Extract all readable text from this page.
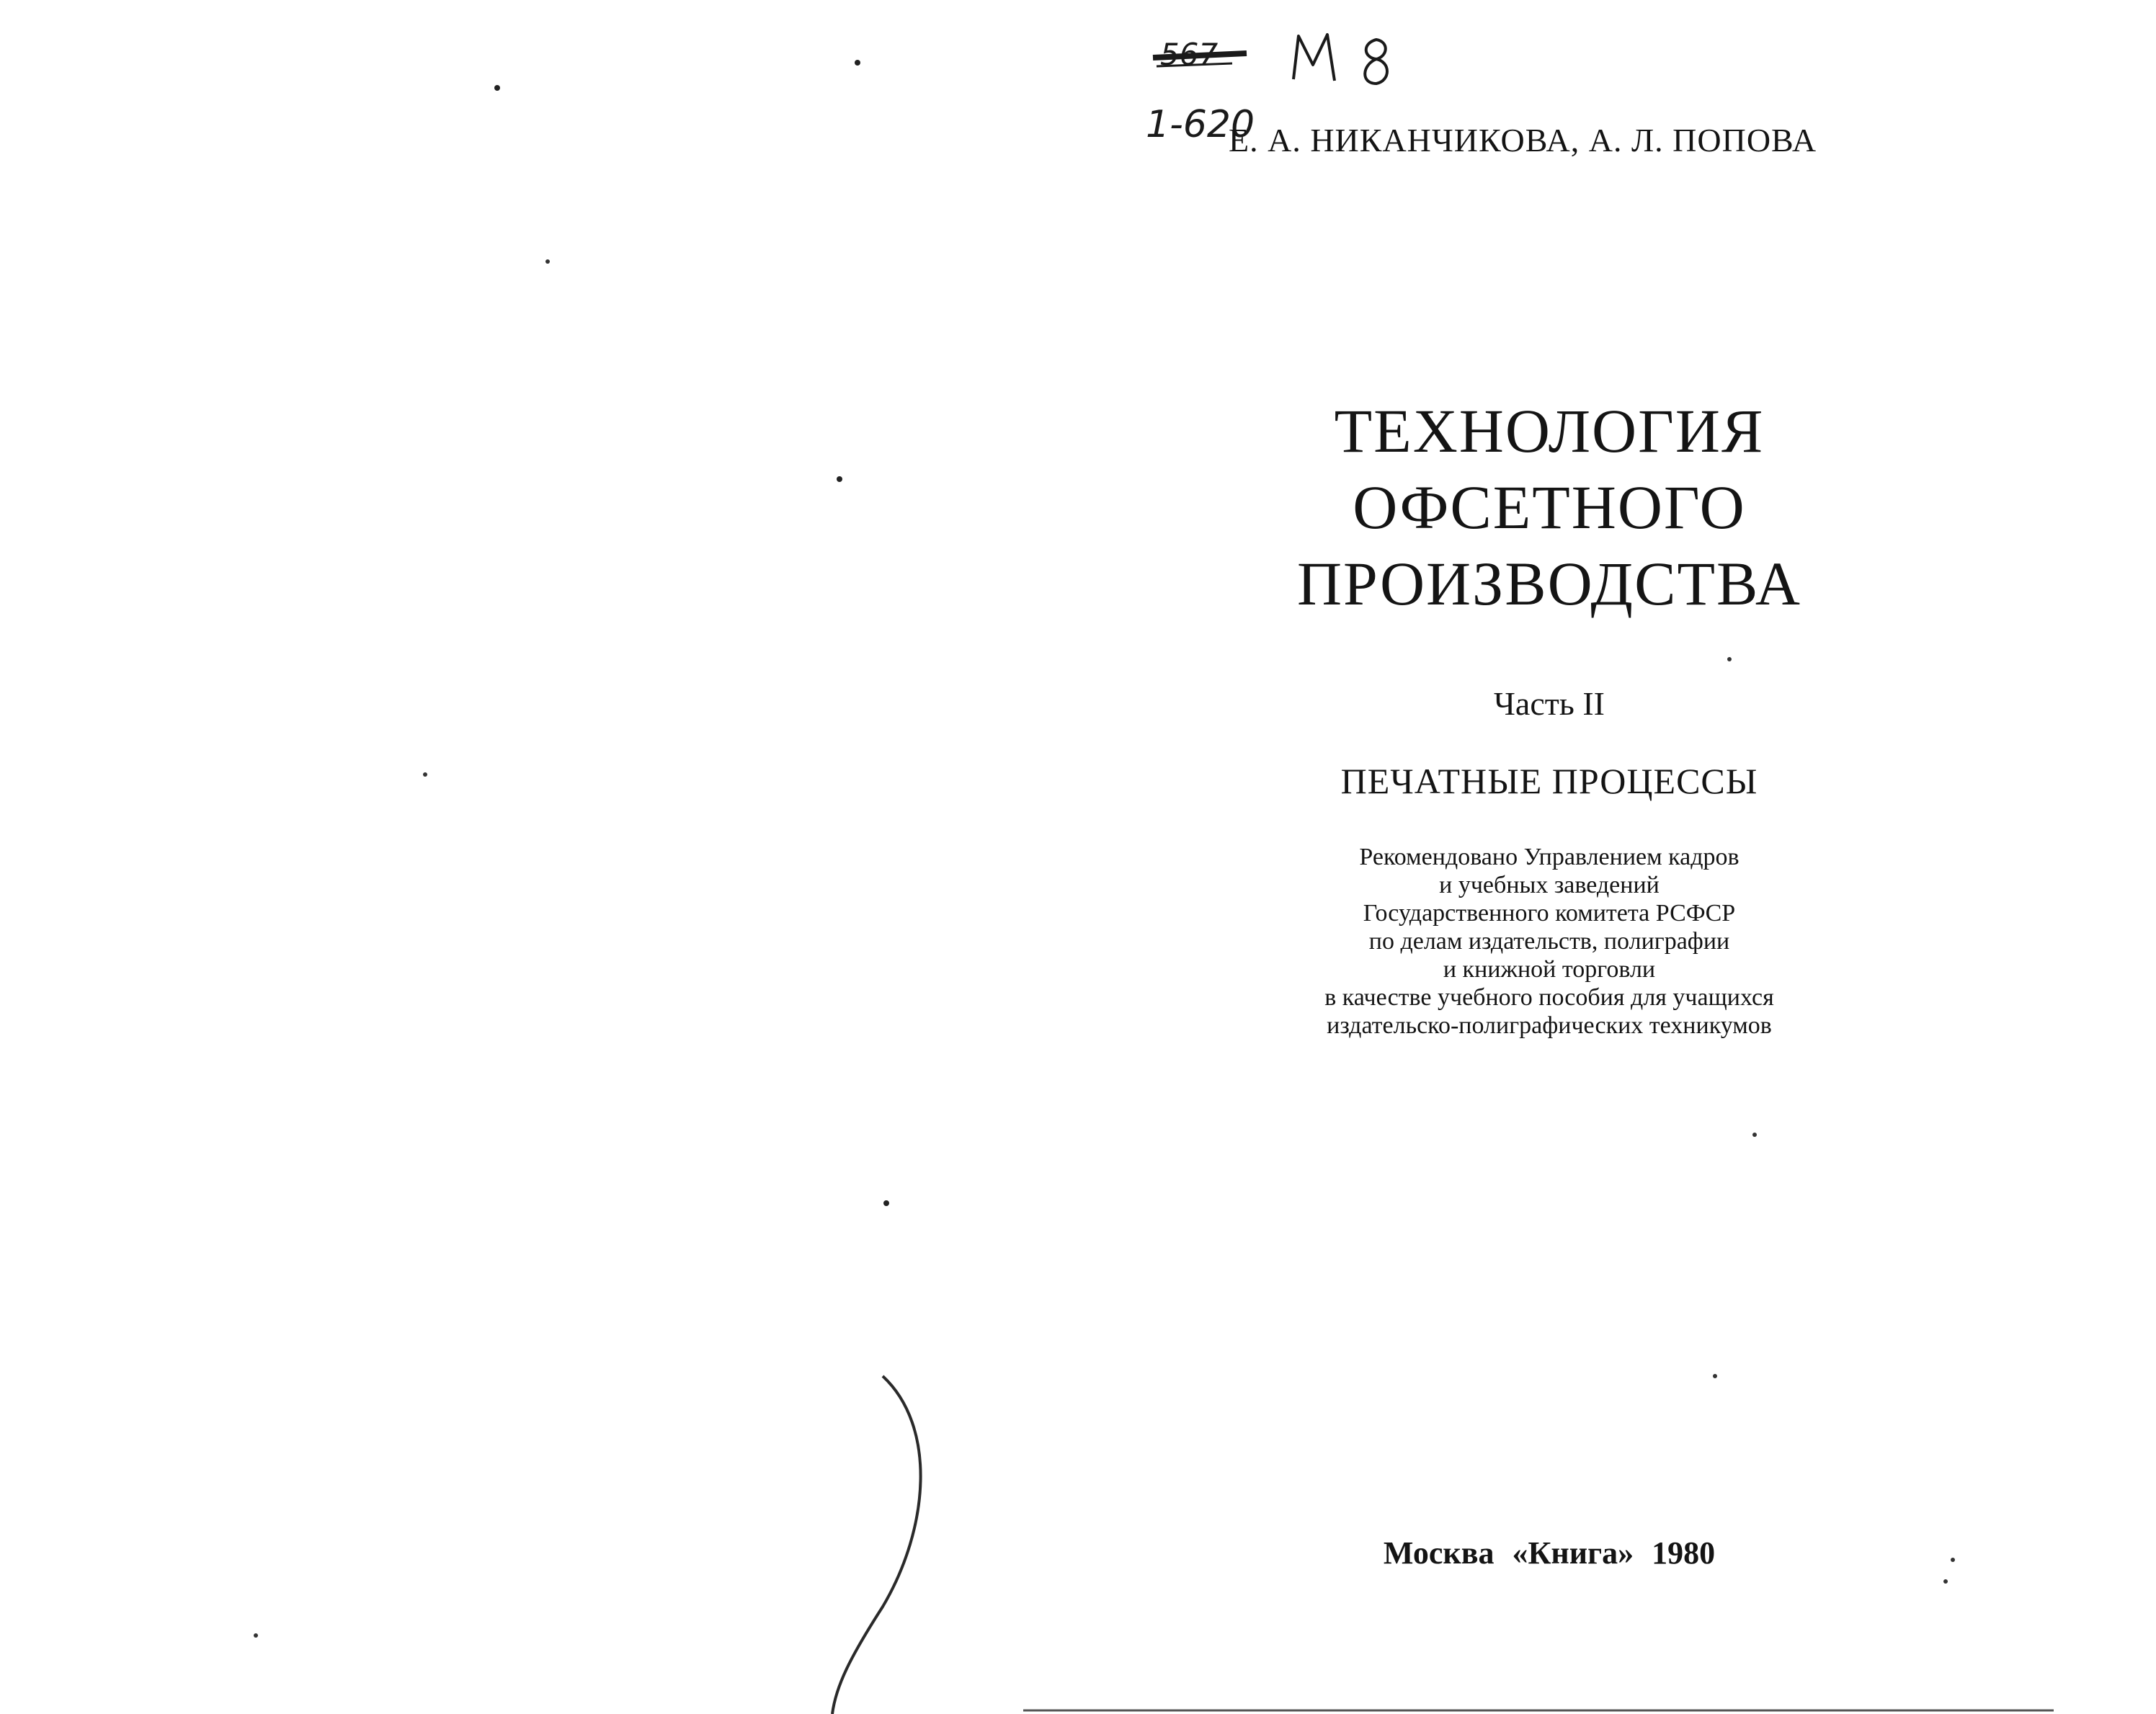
567
1-620
Е. А. НИКАНЧИКОВА, А. Л. ПОПОВА
ТЕХНОЛОГИЯ
ОФСЕТНОГО
ПРОИЗВОДСТВА
Часть II
ПЕЧАТНЫЕ ПРОЦЕССЫ
Рекомендовано Управлением кадров
и учебных заведений
Государственного комитета РСФСР
по делам издательств, полиграфии
и книжной торговли
в качестве учебного пособия для учащихся
издательско-полиграфических техникумов
Москва «Книга» 1980
